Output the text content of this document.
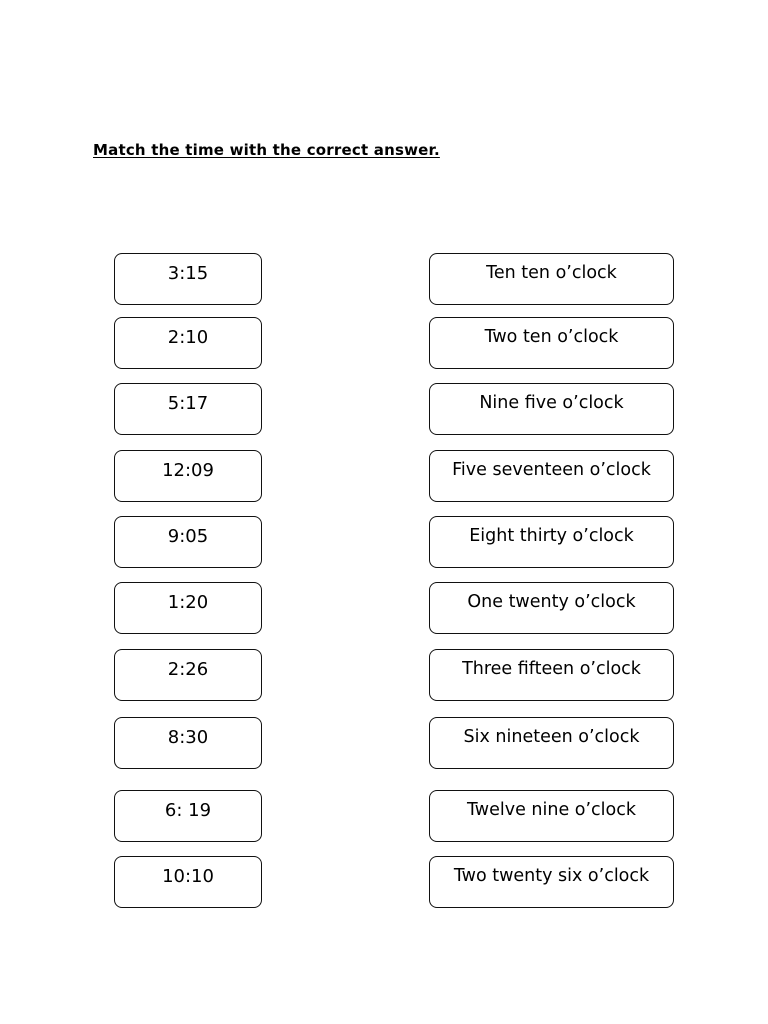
Match the time with the correct answer.
3:15
2:10
5:17
12:09
9:05
1:20
2:26
8:30
6: 19
10:10
Ten ten o’clock
Two ten o’clock
Nine five o’clock
Five seventeen o’clock
Eight thirty o’clock
One twenty o’clock
Three fifteen o’clock
Six nineteen o’clock
Twelve nine o’clock
Two twenty six o’clock
